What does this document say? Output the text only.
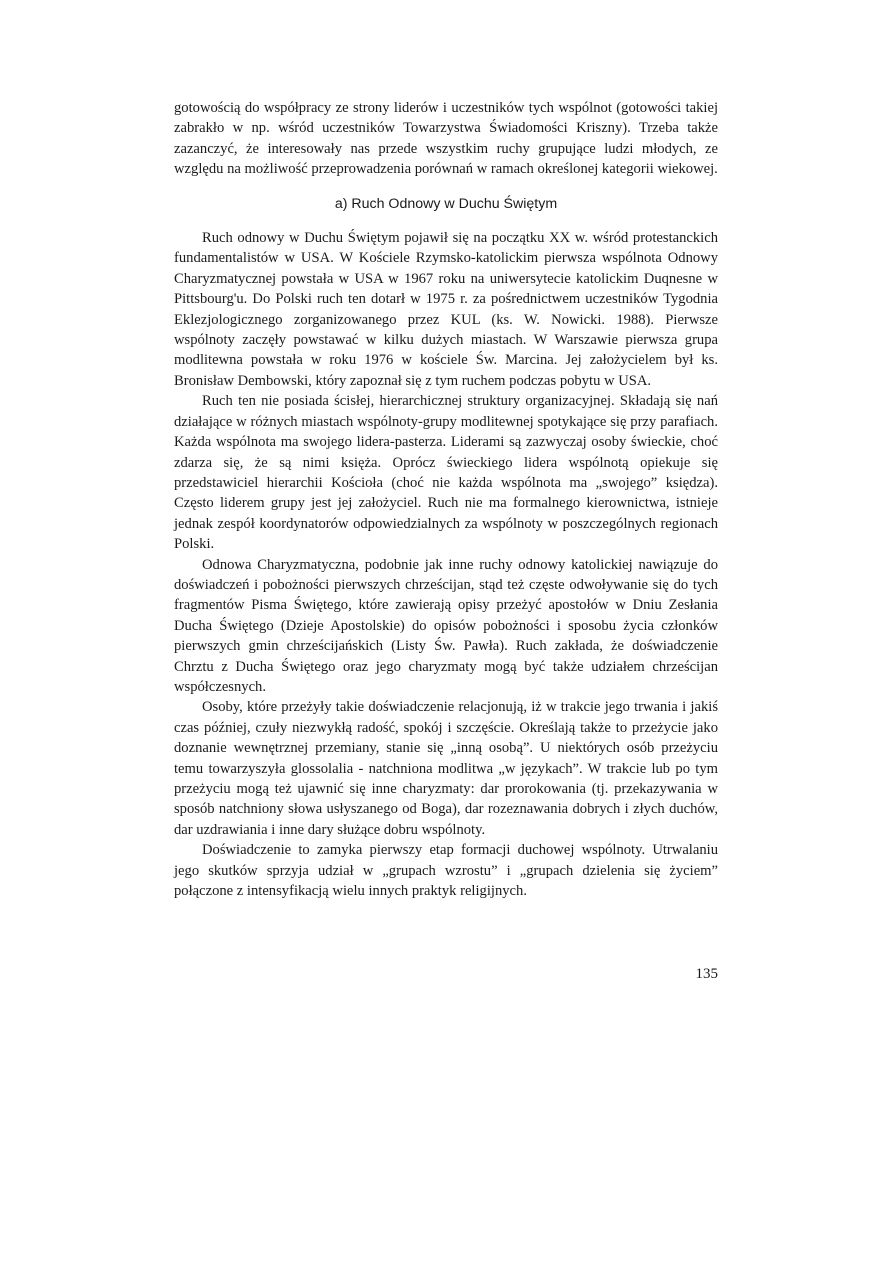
gotowością do współpracy ze strony liderów i uczestników tych wspólnot (gotowości takiej zabrakło w np. wśród uczestników Towarzystwa Świadomości Kriszny). Trzeba także zazanczyć, że interesowały nas przede wszystkim ruchy grupujące ludzi młodych, ze względu na możliwość przeprowadzenia porównań w ramach określonej kategorii wiekowej.

a) Ruch Odnowy w Duchu Świętym

Ruch odnowy w Duchu Świętym pojawił się na początku XX w. wśród protestanckich fundamentalistów w USA. W Kościele Rzymsko-katolickim pierwsza wspólnota Odnowy Charyzmatycznej powstała w USA w 1967 roku na uniwersytecie katolickim Duqnesne w Pittsbourg'u. Do Polski ruch ten dotarł w 1975 r. za pośrednictwem uczestników Tygodnia Eklezjologicznego zorganizowanego przez KUL (ks. W. Nowicki. 1988). Pierwsze wspólnoty zaczęły powstawać w kilku dużych miastach. W Warszawie pierwsza grupa modlitewna powstała w roku 1976 w kościele Św. Marcina. Jej założycielem był ks. Bronisław Dembowski, który zapoznał się z tym ruchem podczas pobytu w USA.

Ruch ten nie posiada ścisłej, hierarchicznej struktury organizacyjnej. Składają się nań działające w różnych miastach wspólnoty-grupy modlitewnej spotykające się przy parafiach. Każda wspólnota ma swojego lidera-pasterza. Liderami są zazwyczaj osoby świeckie, choć zdarza się, że są nimi księża. Oprócz świeckiego lidera wspólnotą opiekuje się przedstawiciel hierarchii Kościoła (choć nie każda wspólnota ma „swojego” księdza). Często liderem grupy jest jej założyciel. Ruch nie ma formalnego kierownictwa, istnieje jednak zespół koordynatorów odpowiedzialnych za wspólnoty w poszczególnych regionach Polski.

Odnowa Charyzmatyczna, podobnie jak inne ruchy odnowy katolickiej nawiązuje do doświadczeń i pobożności pierwszych chrześcijan, stąd też częste odwoływanie się do tych fragmentów Pisma Świętego, które zawierają opisy przeżyć apostołów w Dniu Zesłania Ducha Świętego (Dzieje Apostolskie) do opisów pobożności i sposobu życia członków pierwszych gmin chrześcijańskich (Listy Św. Pawła). Ruch zakłada, że doświadczenie Chrztu z Ducha Świętego oraz jego charyzmaty mogą być także udziałem chrześcijan współczesnych.

Osoby, które przeżyły takie doświadczenie relacjonują, iż w trakcie jego trwania i jakiś czas później, czuły niezwykłą radość, spokój i szczęście. Określają także to przeżycie jako doznanie wewnętrznej przemiany, stanie się „inną osobą”. U niektórych osób przeżyciu temu towarzyszyła glossolalia - natchniona modlitwa „w językach”. W trakcie lub po tym przeżyciu mogą też ujawnić się inne charyzmaty: dar prorokowania (tj. przekazywania w sposób natchniony słowa usłyszanego od Boga), dar rozeznawania dobrych i złych duchów, dar uzdrawiania i inne dary służące dobru wspólnoty.

Doświadczenie to zamyka pierwszy etap formacji duchowej wspólnoty. Utrwalaniu jego skutków sprzyja udział w „grupach wzrostu” i „grupach dzielenia się życiem” połączone z intensyfikacją wielu innych praktyk religijnych.

135
